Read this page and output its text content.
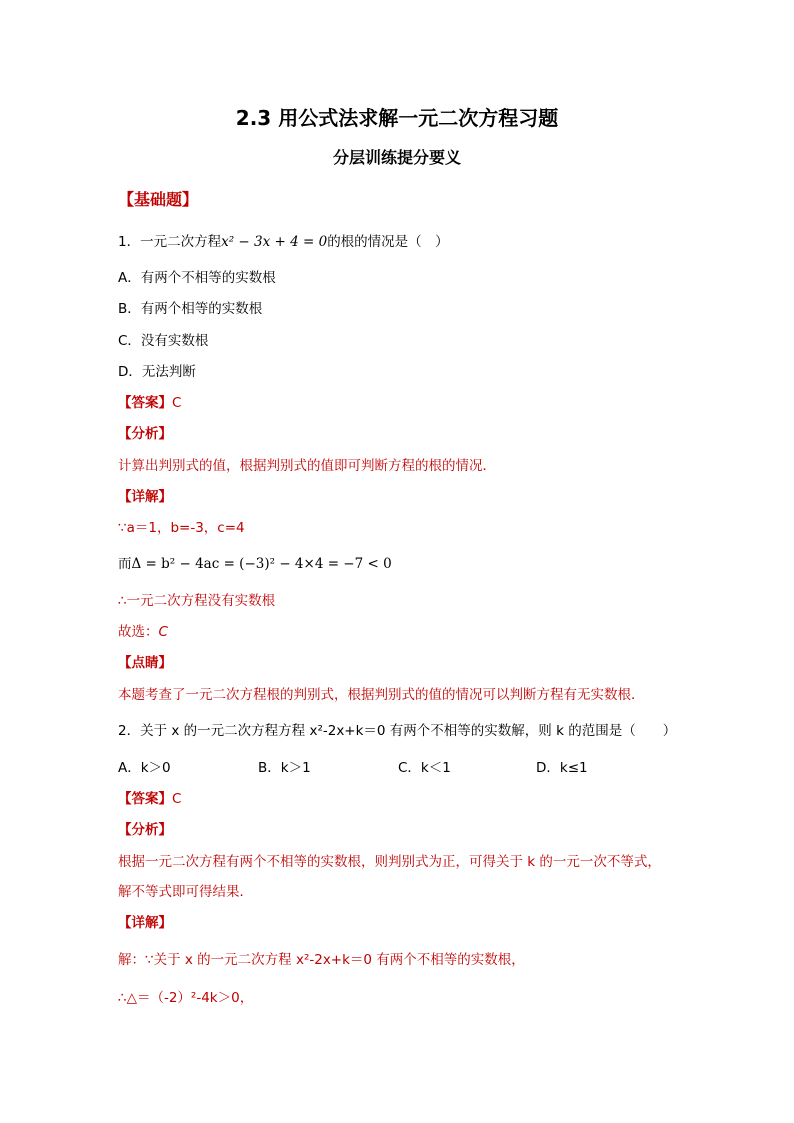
2.3 用公式法求解一元二次方程习题
分层训练提分要义
【基础题】
1．一元二次方程x² − 3x + 4 = 0的根的情况是（　）
A．有两个不相等的实数根
B．有两个相等的实数根
C．没有实数根
D．无法判断
【答案】C
【分析】
计算出判别式的值，根据判别式的值即可判断方程的根的情况．
【详解】
∵a＝1，b=-3，c=4
而Δ = b² − 4ac = (−3)² − 4×4 = −7 < 0
∴一元二次方程没有实数根
故选：C
【点睛】
本题考查了一元二次方程根的判别式，根据判别式的值的情况可以判断方程有无实数根．
2．关于 x 的一元二次方程方程 x²-2x+k＝0 有两个不相等的实数解，则 k 的范围是（　　）
A．k＞0	B．k＞1	C．k＜1	D．k≤1
【答案】C
【分析】
根据一元二次方程有两个不相等的实数根，则判别式为正，可得关于 k 的一元一次不等式，
解不等式即可得结果．
【详解】
解：∵关于 x 的一元二次方程 x²-2x+k＝0 有两个不相等的实数根，
∴△＝（-2）²-4k＞0，
